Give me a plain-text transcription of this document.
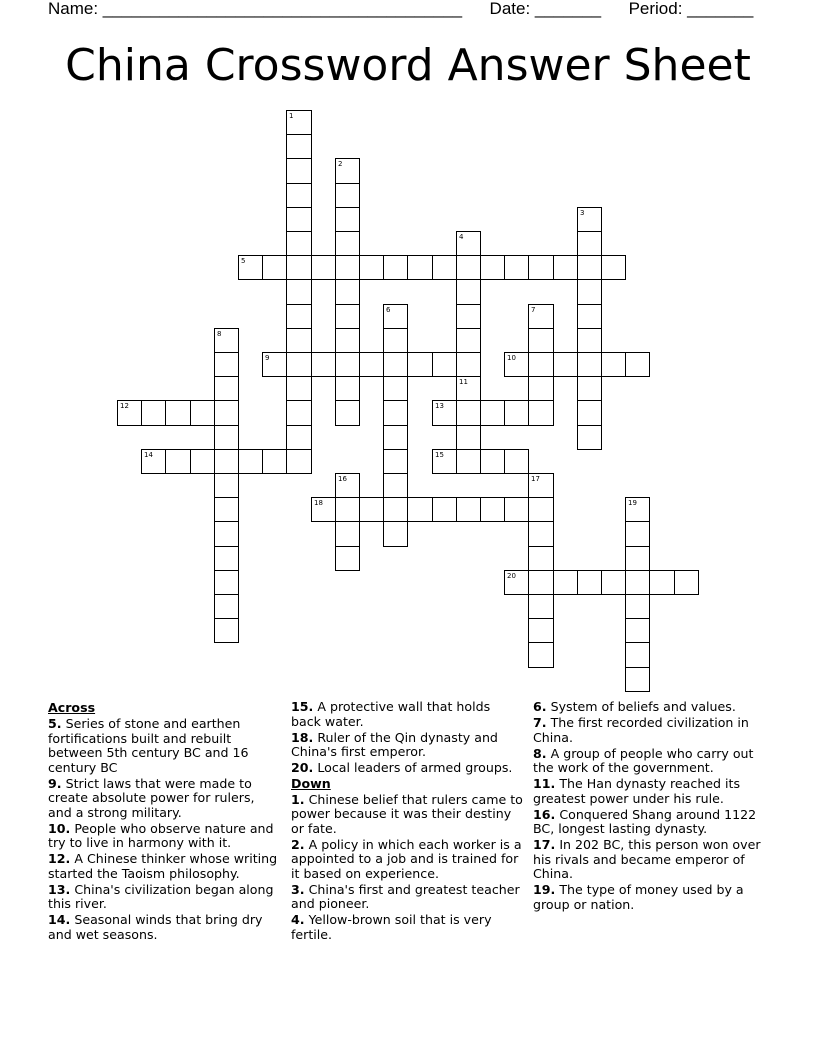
Name: ______________________________________ Date: _______ Period: _______
China Crossword Answer Sheet
1
2
3
4
5
6	7
8
9	10
11
12	13
14	15
16	17
18	19
20
Across
5. Series of stone and earthen fortifications built and rebuilt between 5th century BC and 16 century BC
9. Strict laws that were made to create absolute power for rulers, and a strong military.
10. People who observe nature and try to live in harmony with it.
12. A Chinese thinker whose writing started the Taoism philosophy.
13. China's civilization began along this river.
14. Seasonal winds that bring dry and wet seasons.
15. A protective wall that holds back water.
18. Ruler of the Qin dynasty and China's first emperor.
20. Local leaders of armed groups.
Down
1. Chinese belief that rulers came to power because it was their destiny or fate.
2. A policy in which each worker is a appointed to a job and is trained for it based on experience.
3. China's first and greatest teacher and pioneer.
4. Yellow-brown soil that is very fertile.
6. System of beliefs and values.
7. The first recorded civilization in China.
8. A group of people who carry out the work of the government.
11. The Han dynasty reached its greatest power under his rule.
16. Conquered Shang around 1122 BC, longest lasting dynasty.
17. In 202 BC, this person won over his rivals and became emperor of China.
19. The type of money used by a group or nation.
